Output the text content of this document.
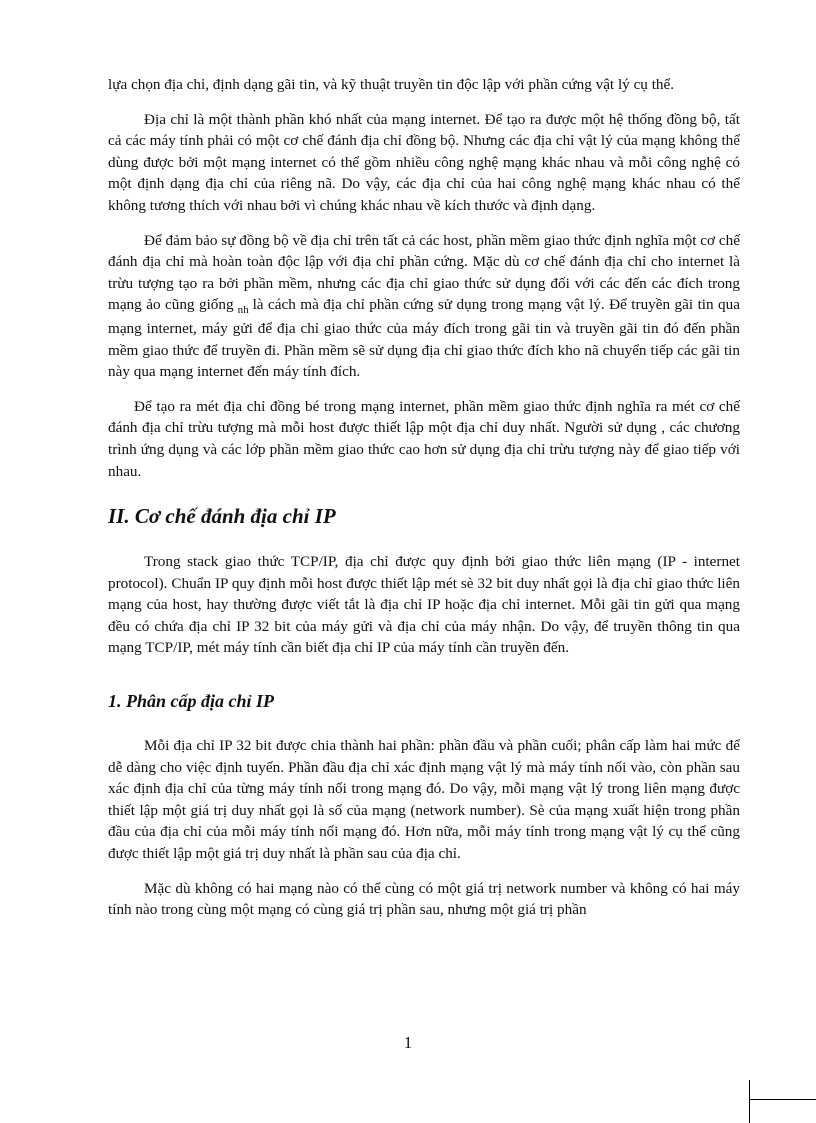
lựa chọn địa chỉ, định dạng gãi tin, và kỹ thuật truyền tin độc lập với phần cứng vật lý cụ thể.

Địa chỉ là một thành phần khó nhất của mạng internet. Để tạo ra được một hệ thống đồng bộ, tất cả các máy tính phải có một cơ chế đánh địa chỉ đồng bộ. Nhưng các địa chỉ vật lý của mạng không thể dùng được bởi một mạng internet có thể gồm nhiều công nghệ mạng khác nhau và mỗi công nghệ có một định dạng địa chỉ của riêng nã. Do vậy, các địa chỉ của hai công nghệ mạng khác nhau có thể không tương thích với nhau bởi vì chúng khác nhau về kích thước và định dạng.

Để đảm bảo sự đồng bộ về địa chỉ trên tất cả các host, phần mềm giao thức định nghĩa một cơ chế đánh địa chỉ mà hoàn toàn độc lập với địa chỉ phần cứng. Mặc dù cơ chế đánh địa chỉ cho internet là trừu tượng tạo ra bởi phần mềm, nhưng các địa chỉ giao thức sử dụng đối với các đến các đích trong mạng ảo cũng giống $_{nh}$ là cách mà địa chỉ phần cứng sử dụng trong mạng vật lý. Để truyền gãi tin qua mạng internet, máy gửi để địa chỉ giao thức của máy đích trong gãi tin và truyền gãi tin đó đến phần mềm giao thức để truyền đi. Phần mềm sẽ sử dụng địa chỉ giao thức đích kho nã chuyển tiếp các gãi tin này qua mạng internet đến máy tính đích.

Để tạo ra mét địa chỉ đồng bé trong mạng internet, phần mềm giao thức định nghĩa ra mét cơ chế đánh địa chỉ trừu tượng mà mỗi host được thiết lập một địa chỉ duy nhất. Người sử dụng , các chương trình ứng dụng và các lớp phần mềm giao thức cao hơn sử dụng địa chỉ trừu tượng này để giao tiếp với nhau.

II. Cơ chế đánh địa chỉ IP

Trong stack giao thức TCP/IP, địa chỉ được quy định bởi giao thức liên mạng (IP - internet protocol). Chuẩn IP quy định mỗi host được thiết lập mét sè 32 bit duy nhất gọi là địa chỉ giao thức liên mạng của host, hay thường được viết tắt là địa chỉ IP hoặc địa chỉ internet. Mỗi gãi tin gửi qua mạng đều có chứa địa chỉ IP 32 bit của máy gửi và địa chỉ của máy nhận. Do vậy, để truyền thông tin qua mạng TCP/IP, mét máy tính cần biết địa chỉ IP của máy tính cần truyền đến.

1. Phân cấp địa chỉ IP

Mỗi địa chỉ IP 32 bit được chia thành hai phần: phần đầu và phần cuối; phân cấp làm hai mức để dễ dàng cho việc định tuyến. Phần đầu địa chỉ xác định mạng vật lý mà máy tính nối vào, còn phần sau xác định địa chỉ của từng máy tính nối trong mạng đó. Do vậy, mỗi mạng vật lý trong liên mạng được thiết lập một giá trị duy nhất gọi là số của mạng (network number). Sè của mạng xuất hiện trong phần đầu của địa chỉ của mỗi máy tính nối mạng đó. Hơn nữa, mỗi máy tính trong mạng vật lý cụ thể cũng được thiết lập một giá trị duy nhất là phần sau của địa chỉ.

Mặc dù không có hai mạng nào có thể cùng có một giá trị network number và không có hai máy tính nào trong cùng một mạng có cùng giá trị phần sau, nhưng một giá trị phần

1
